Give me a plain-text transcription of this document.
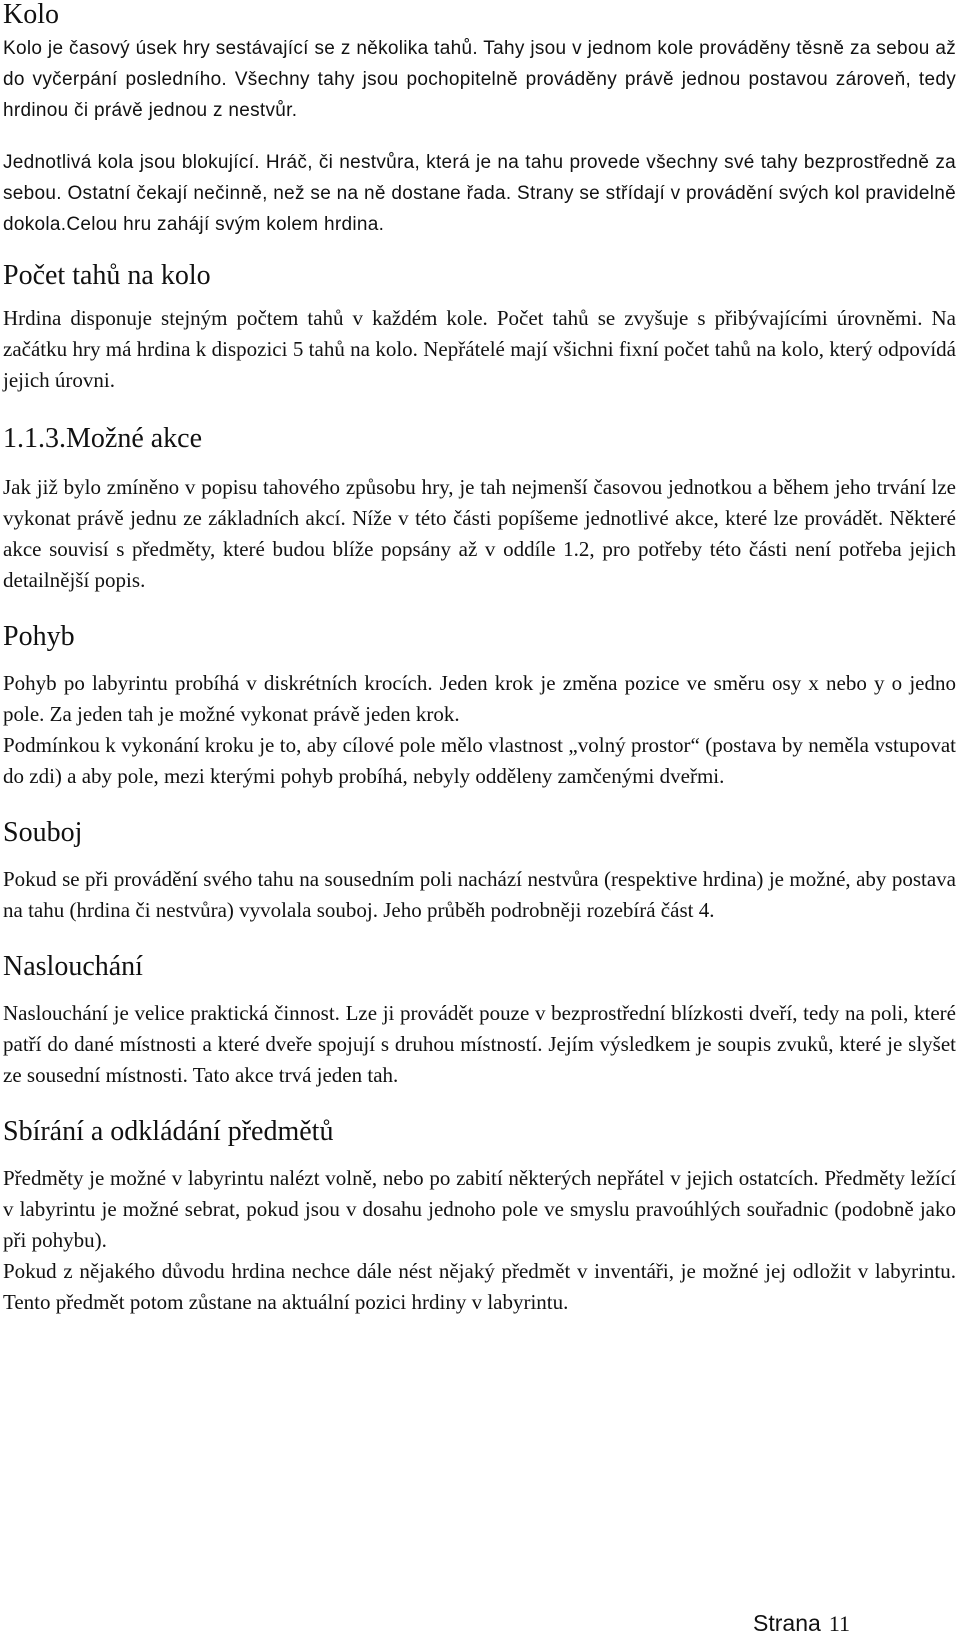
Kolo

Kolo je časový úsek hry sestávající se z několika tahů. Tahy jsou v jednom kole prováděny těsně za sebou až do vyčerpání posledního. Všechny tahy jsou pochopitelně prováděny právě jednou postavou zároveň, tedy hrdinou či právě jednou z nestvůr.

Jednotlivá kola jsou blokující. Hráč, či nestvůra, která je na tahu provede všechny své tahy bezprostředně za sebou. Ostatní čekají nečinně, než se na ně dostane řada. Strany se střídají v provádění svých kol pravidelně dokola.Celou hru zahájí svým kolem hrdina.

Počet tahů na kolo

Hrdina disponuje stejným počtem tahů v každém kole. Počet tahů se zvyšuje s přibývajícími úrovněmi. Na začátku hry má hrdina k dispozici 5 tahů na kolo. Nepřátelé mají všichni fixní počet tahů na kolo, který odpovídá jejich úrovni.

1.1.3.Možné akce

Jak již bylo zmíněno v popisu tahového způsobu hry, je tah nejmenší časovou jednotkou a během jeho trvání lze vykonat právě jednu ze základních akcí. Níže v této části popíšeme jednotlivé akce, které lze provádět. Některé akce souvisí s předměty, které budou blíže popsány až v oddíle 1.2, pro potřeby této části není potřeba jejich detailnější popis.

Pohyb

Pohyb po labyrintu probíhá v diskrétních krocích. Jeden krok je změna pozice ve směru osy x nebo y o jedno pole. Za jeden tah je možné vykonat právě jeden krok.

Podmínkou k vykonání kroku je to, aby cílové pole mělo vlastnost „volný prostor“ (postava by neměla vstupovat do zdi) a aby pole, mezi kterými pohyb probíhá, nebyly odděleny zamčenými dveřmi.

Souboj

Pokud se při provádění svého tahu na sousedním poli nachází nestvůra (respektive hrdina) je možné, aby postava na tahu (hrdina či nestvůra) vyvolala souboj. Jeho průběh podrobněji rozebírá část 4.

Naslouchání

Naslouchání je velice praktická činnost. Lze ji provádět pouze v bezprostřední blízkosti dveří, tedy na poli, které patří do dané místnosti a které dveře spojují s druhou místností. Jejím výsledkem je soupis zvuků, které je slyšet ze sousední místnosti. Tato akce trvá jeden tah.

Sbírání a odkládání předmětů

Předměty je možné v labyrintu nalézt volně, nebo po zabití některých nepřátel v jejich ostatcích. Předměty ležící v labyrintu je možné sebrat, pokud jsou v dosahu jednoho pole ve smyslu pravoúhlých souřadnic (podobně jako při pohybu).

Pokud z nějakého důvodu hrdina nechce dále nést nějaký předmět v inventáři, je možné jej odložit v labyrintu. Tento předmět potom zůstane na aktuální pozici hrdiny v labyrintu.

Strana 11
